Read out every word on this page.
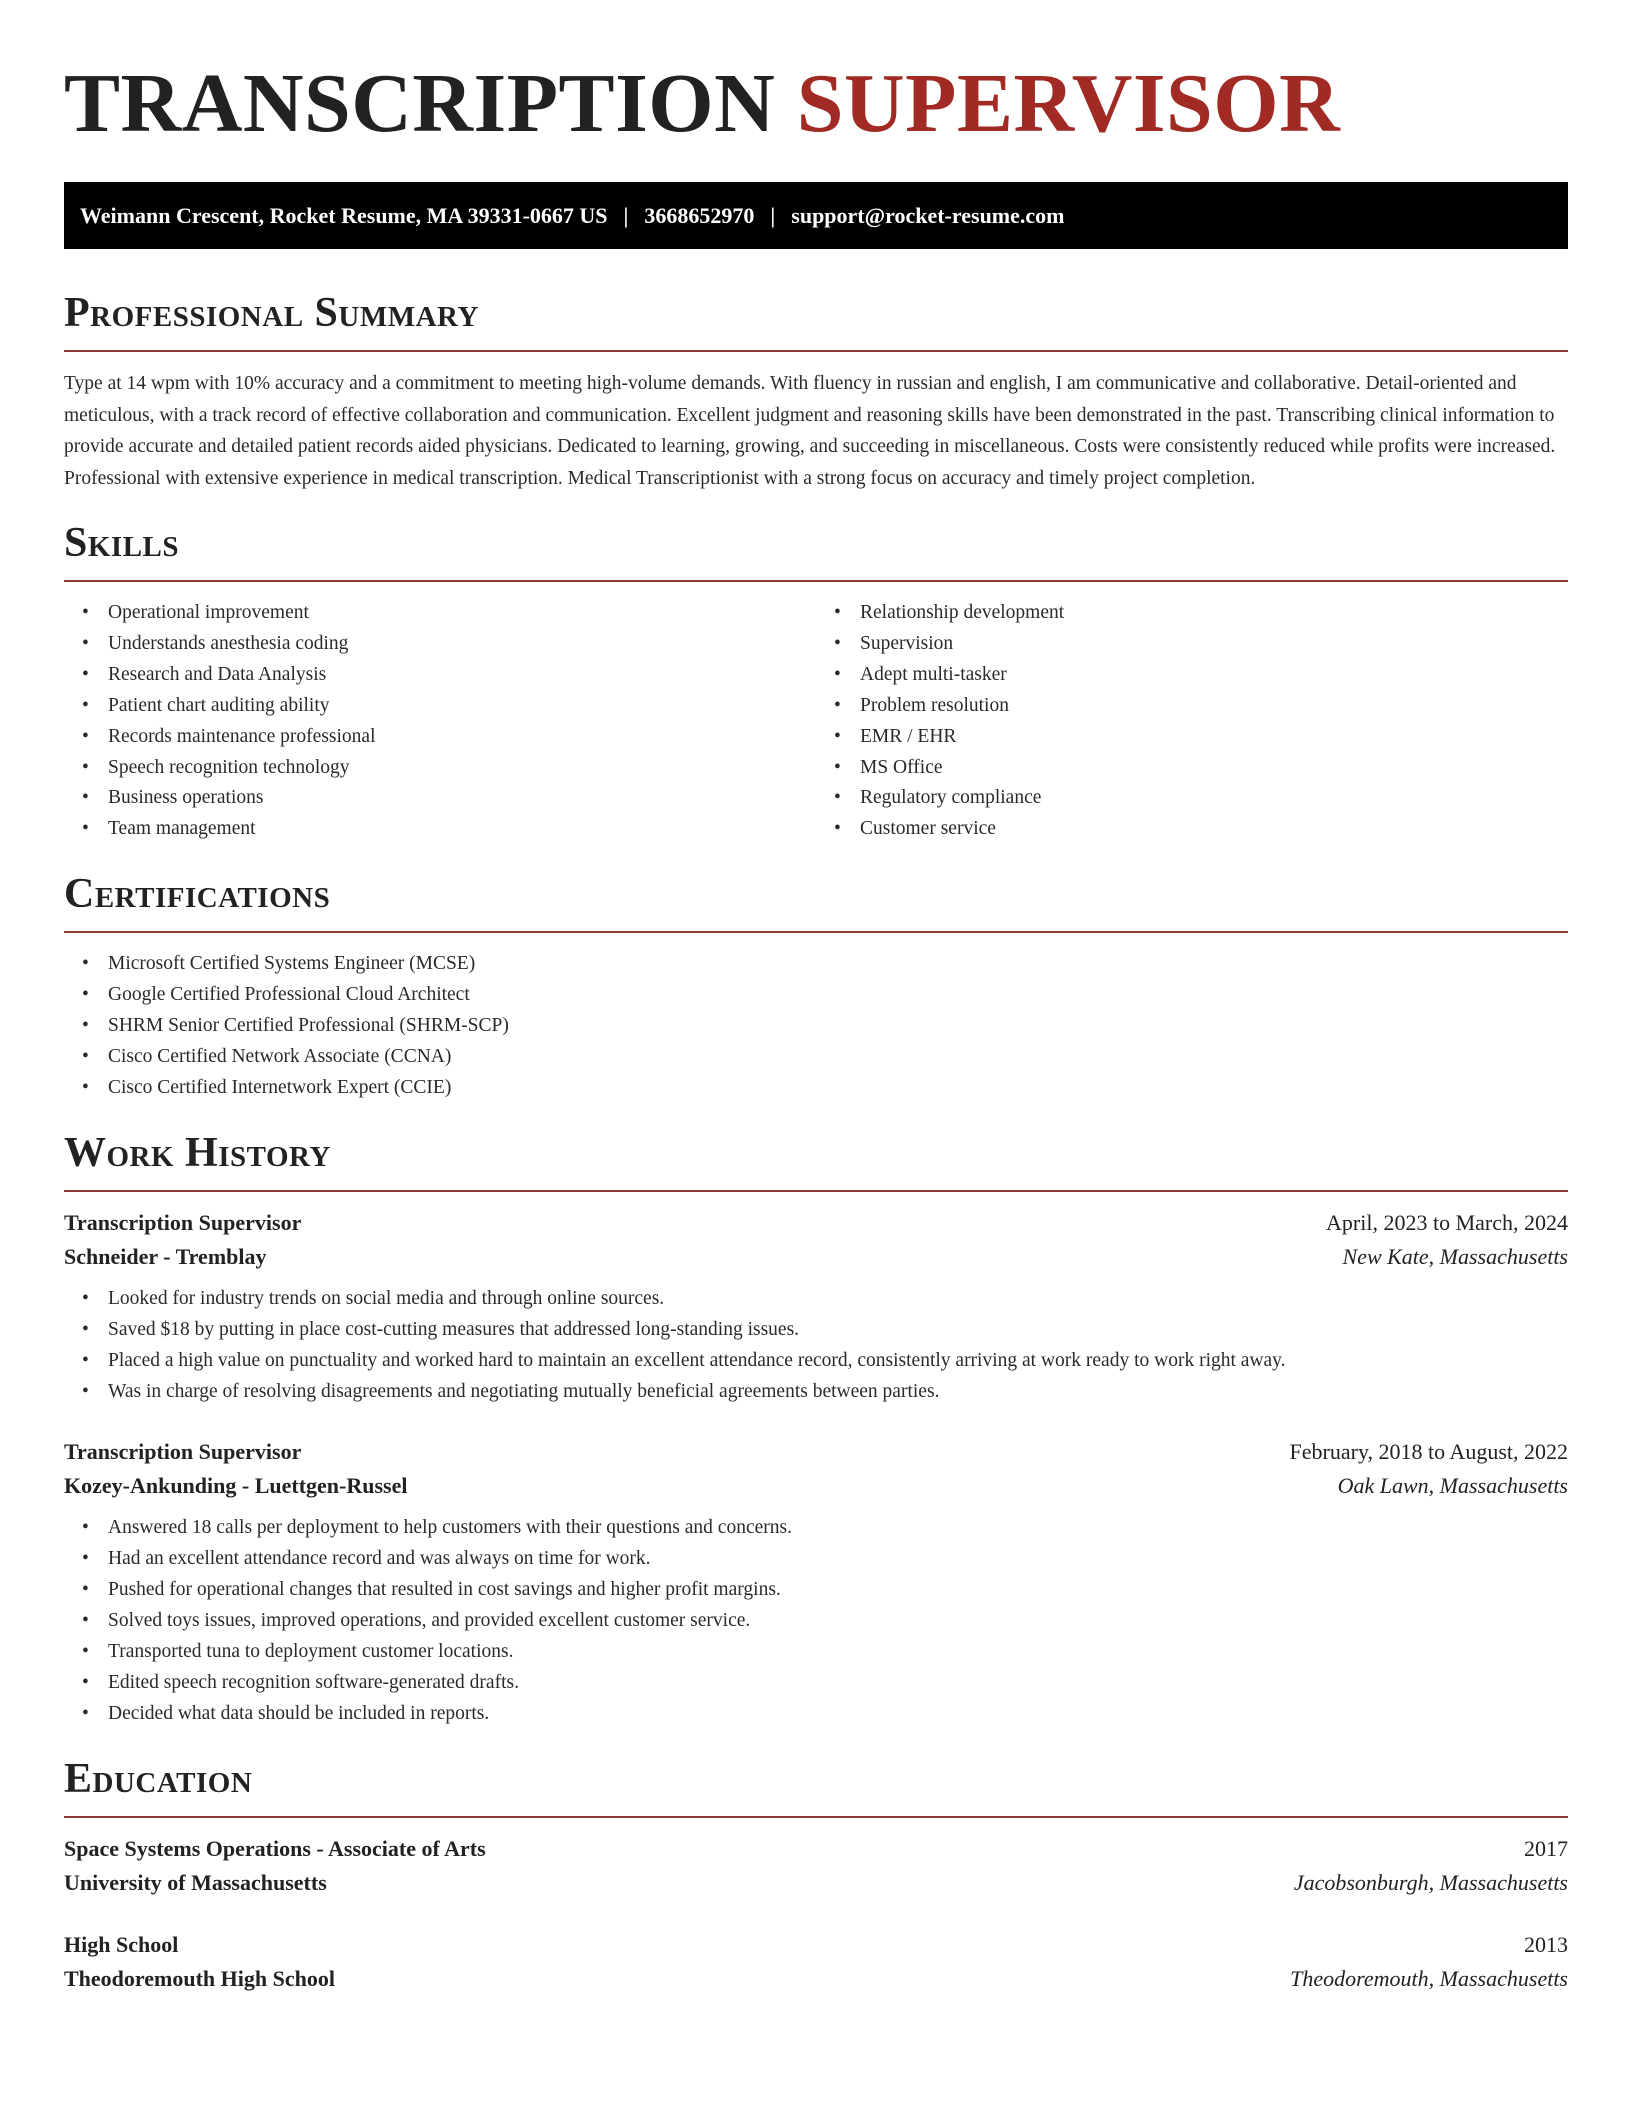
TRANSCRIPTION SUPERVISOR
Weimann Crescent, Rocket Resume, MA 39331-0667 US | 3668652970 | support@rocket-resume.com
Professional Summary

Type at 14 wpm with 10% accuracy and a commitment to meeting high-volume demands. With fluency in russian and english, I am communicative and collaborative. Detail-oriented and meticulous, with a track record of effective collaboration and communication. Excellent judgment and reasoning skills have been demonstrated in the past. Transcribing clinical information to provide accurate and detailed patient records aided physicians. Dedicated to learning, growing, and succeeding in miscellaneous. Costs were consistently reduced while profits were increased. Professional with extensive experience in medical transcription. Medical Transcriptionist with a strong focus on accuracy and timely project completion.

Skills
• Operational improvement
• Understands anesthesia coding
• Research and Data Analysis
• Patient chart auditing ability
• Records maintenance professional
• Speech recognition technology
• Business operations
• Team management
• Relationship development
• Supervision
• Adept multi-tasker
• Problem resolution
• EMR / EHR
• MS Office
• Regulatory compliance
• Customer service
Certifications
• Microsoft Certified Systems Engineer (MCSE)
• Google Certified Professional Cloud Architect
• SHRM Senior Certified Professional (SHRM-SCP)
• Cisco Certified Network Associate (CCNA)
• Cisco Certified Internetwork Expert (CCIE)
Work History
Transcription Supervisor	April, 2023 to March, 2024
Schneider - Tremblay	New Kate, Massachusetts
• Looked for industry trends on social media and through online sources.
• Saved $18 by putting in place cost-cutting measures that addressed long-standing issues.
• Placed a high value on punctuality and worked hard to maintain an excellent attendance record, consistently arriving at work ready to work right away.
• Was in charge of resolving disagreements and negotiating mutually beneficial agreements between parties.
Transcription Supervisor	February, 2018 to August, 2022
Kozey-Ankunding - Luettgen-Russel	Oak Lawn, Massachusetts
• Answered 18 calls per deployment to help customers with their questions and concerns.
• Had an excellent attendance record and was always on time for work.
• Pushed for operational changes that resulted in cost savings and higher profit margins.
• Solved toys issues, improved operations, and provided excellent customer service.
• Transported tuna to deployment customer locations.
• Edited speech recognition software-generated drafts.
• Decided what data should be included in reports.
Education
Space Systems Operations - Associate of Arts	2017
University of Massachusetts	Jacobsonburgh, Massachusetts
High School	2013
Theodoremouth High School	Theodoremouth, Massachusetts
